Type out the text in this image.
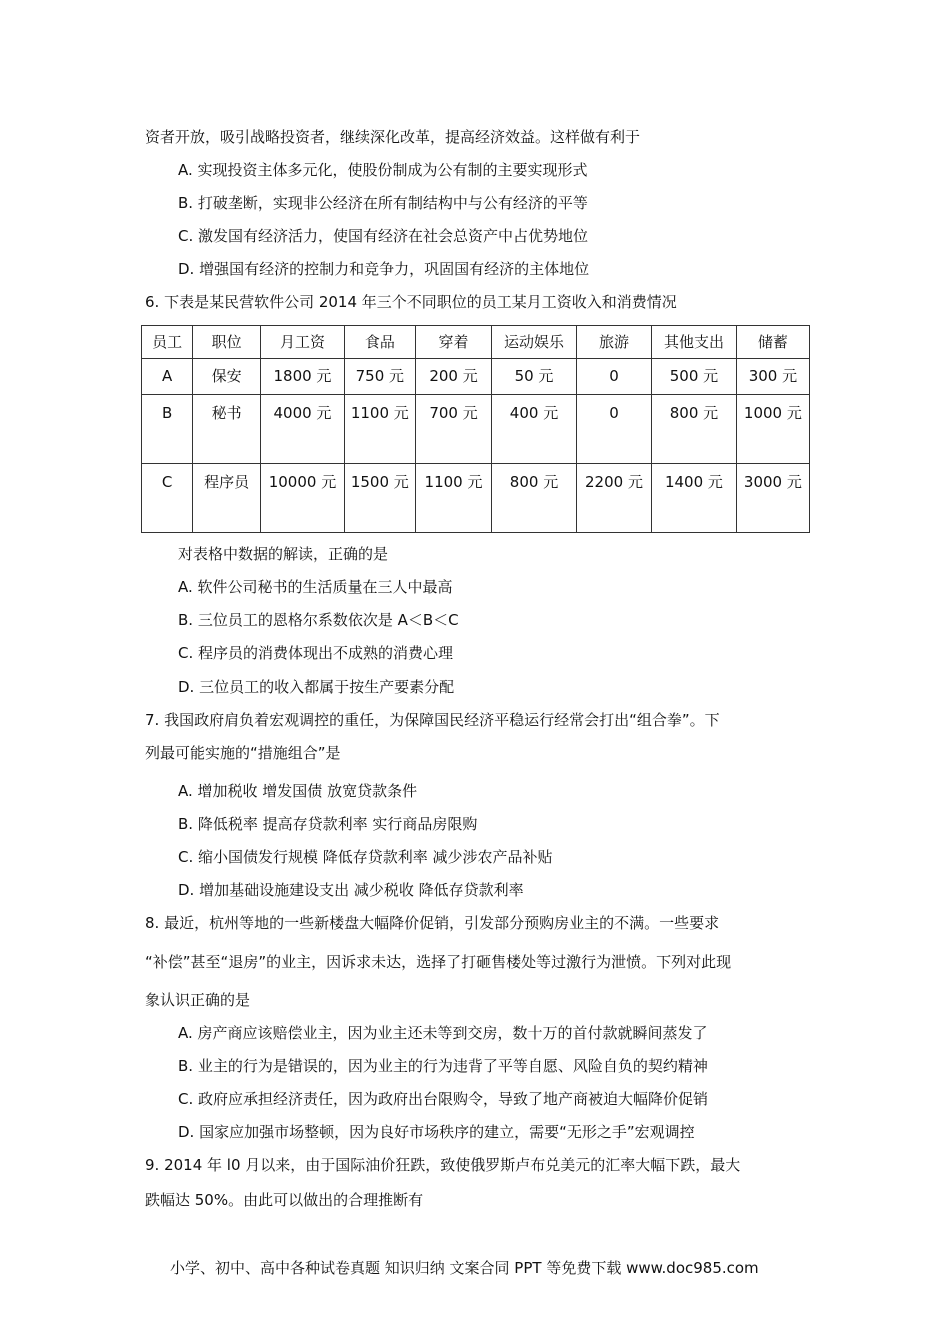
资者开放，吸引战略投资者，继续深化改革，提高经济效益。这样做有利于
A. 实现投资主体多元化，使股份制成为公有制的主要实现形式
B. 打破垄断，实现非公经济在所有制结构中与公有经济的平等
C. 激发国有经济活力，使国有经济在社会总资产中占优势地位
D. 增强国有经济的控制力和竞争力，巩固国有经济的主体地位
6. 下表是某民营软件公司 2014 年三个不同职位的员工某月工资收入和消费情况
员工	职位	月工资	食品	穿着	运动娱乐	旅游	其他支出	储蓄
A	保安	1800 元	750 元	200 元	50 元	0	500 元	300 元
B	秘书	4000 元	1100 元	700 元	400 元	0	800 元	1000 元
C	程序员	10000 元	1500 元	1100 元	800 元	2200 元	1400 元	3000 元
对表格中数据的解读，正确的是
A. 软件公司秘书的生活质量在三人中最高
B. 三位员工的恩格尔系数依次是 A＜B＜C
C. 程序员的消费体现出不成熟的消费心理
D. 三位员工的收入都属于按生产要素分配
7. 我国政府肩负着宏观调控的重任，为保障国民经济平稳运行经常会打出“组合拳”。下
列最可能实施的“措施组合”是
A. 增加税收 增发国债 放宽贷款条件
B. 降低税率 提高存贷款利率 实行商品房限购
C. 缩小国债发行规模 降低存贷款利率 减少涉农产品补贴
D. 增加基础设施建设支出 减少税收 降低存贷款利率
8. 最近，杭州等地的一些新楼盘大幅降价促销，引发部分预购房业主的不满。一些要求
“补偿”甚至“退房”的业主，因诉求未达，选择了打砸售楼处等过激行为泄愤。下列对此现
象认识正确的是
A. 房产商应该赔偿业主，因为业主还未等到交房，数十万的首付款就瞬间蒸发了
B. 业主的行为是错误的，因为业主的行为违背了平等自愿、风险自负的契约精神
C. 政府应承担经济责任，因为政府出台限购令，导致了地产商被迫大幅降价促销
D. 国家应加强市场整顿，因为良好市场秩序的建立，需要“无形之手”宏观调控
9. 2014 年 l0 月以来，由于国际油价狂跌，致使俄罗斯卢布兑美元的汇率大幅下跌，最大
跌幅达 50%。由此可以做出的合理推断有
小学、初中、高中各种试卷真题 知识归纳 文案合同 PPT 等免费下载 www.doc985.com
